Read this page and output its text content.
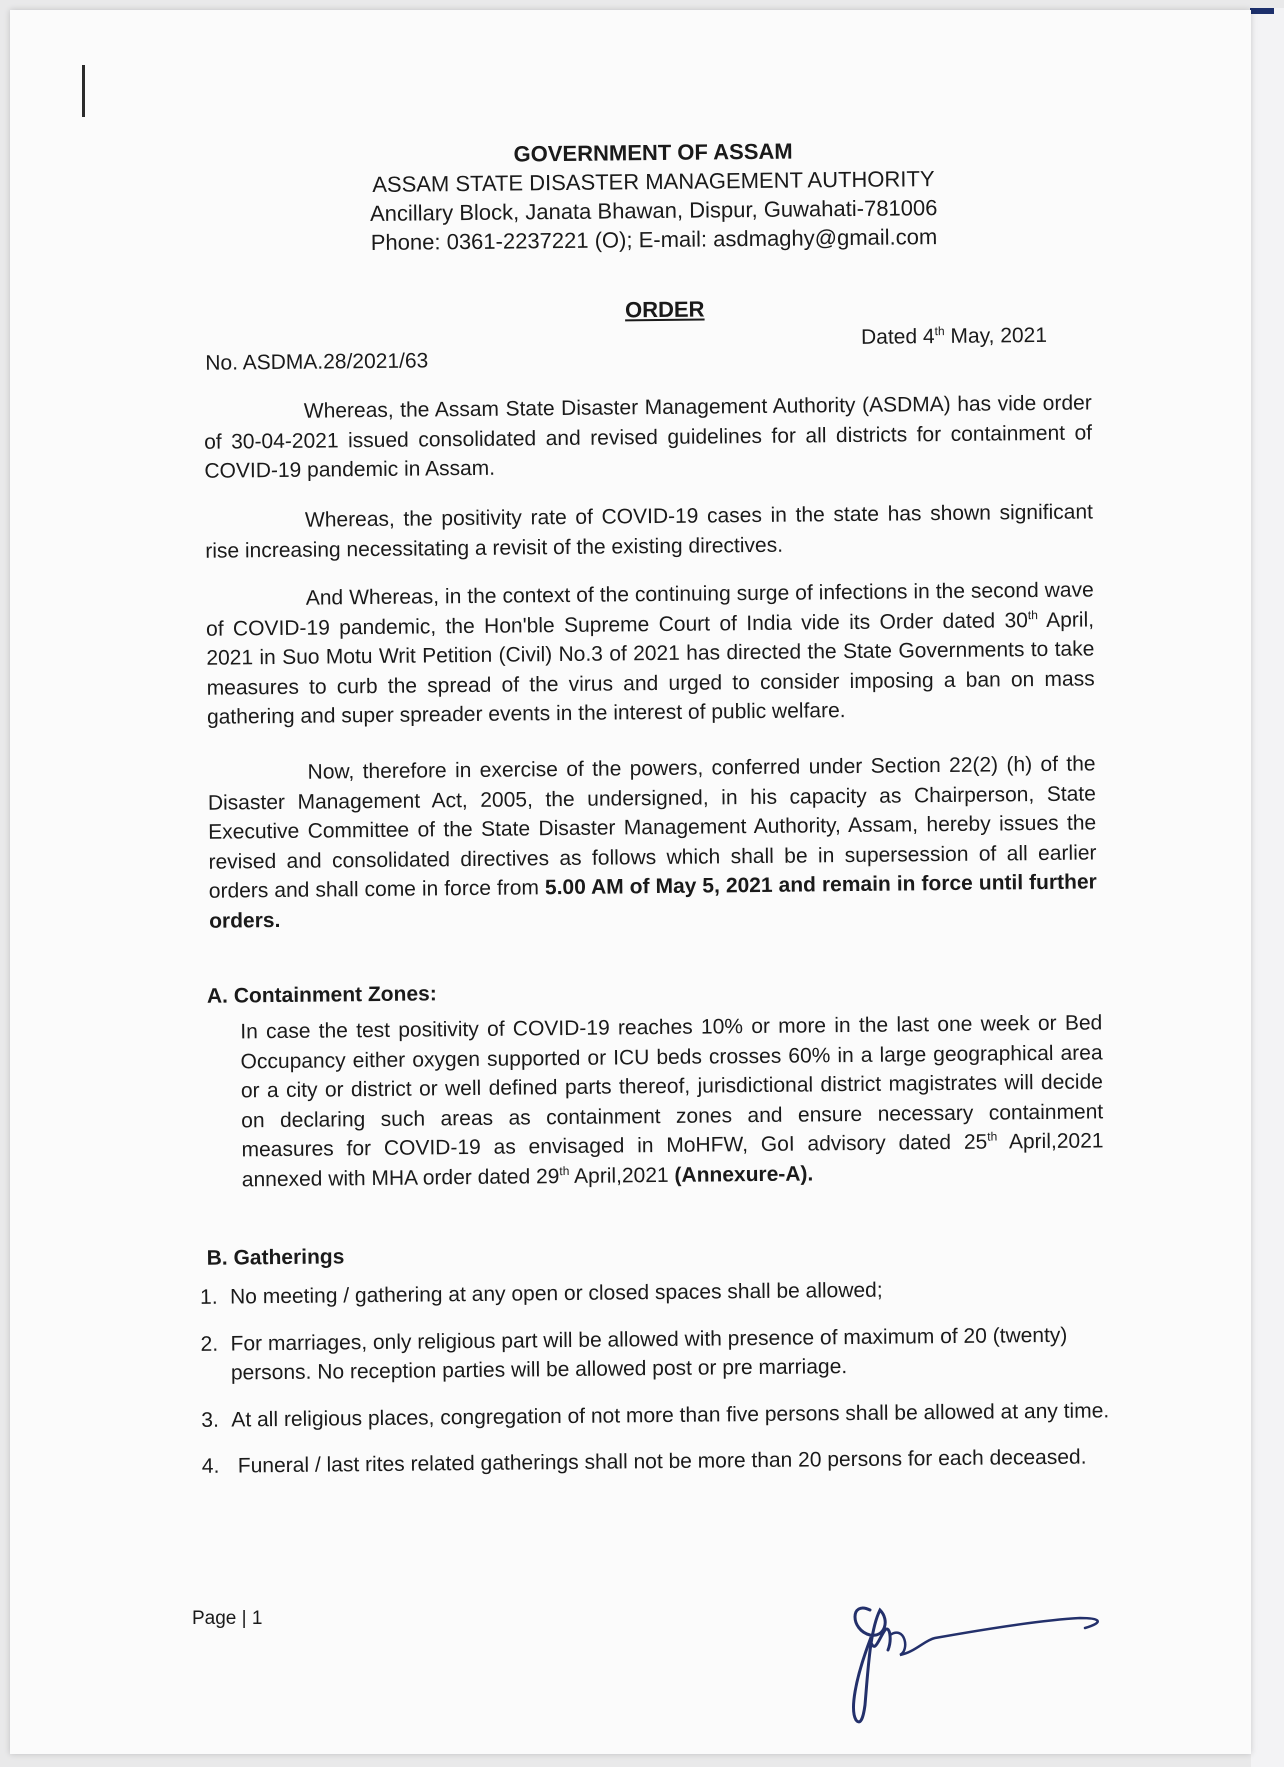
GOVERNMENT OF ASSAM
ASSAM STATE DISASTER MANAGEMENT AUTHORITY
Ancillary Block, Janata Bhawan, Dispur, Guwahati-781006
Phone: 0361-2237221 (O); E-mail: asdmaghy@gmail.com
ORDER
No. ASDMA.28/2021/63
Dated 4th May, 2021
Whereas, the Assam State Disaster Management Authority (ASDMA) has vide order of 30-04-2021 issued consolidated and revised guidelines for all districts for containment of COVID-19 pandemic in Assam.
Whereas, the positivity rate of COVID-19 cases in the state has shown significant rise increasing necessitating a revisit of the existing directives.
And Whereas, in the context of the continuing surge of infections in the second wave of COVID-19 pandemic, the Hon'ble Supreme Court of India vide its Order dated 30th April, 2021 in Suo Motu Writ Petition (Civil) No.3 of 2021 has directed the State Governments to take measures to curb the spread of the virus and urged to consider imposing a ban on mass gathering and super spreader events in the interest of public welfare.
Now, therefore in exercise of the powers, conferred under Section 22(2) (h) of the Disaster Management Act, 2005, the undersigned, in his capacity as Chairperson, State Executive Committee of the State Disaster Management Authority, Assam, hereby issues the revised and consolidated directives as follows which shall be in supersession of all earlier orders and shall come in force from 5.00 AM of May 5, 2021 and remain in force until further orders.
A. Containment Zones:
In case the test positivity of COVID-19 reaches 10% or more in the last one week or Bed Occupancy either oxygen supported or ICU beds crosses 60% in a large geographical area or a city or district or well defined parts thereof, jurisdictional district magistrates will decide on declaring such areas as containment zones and ensure necessary containment measures for COVID-19 as envisaged in MoHFW, GoI advisory dated 25th April,2021 annexed with MHA order dated 29th April,2021 (Annexure-A).
B. Gatherings
1. No meeting / gathering at any open or closed spaces shall be allowed;
2. For marriages, only religious part will be allowed with presence of maximum of 20 (twenty) persons. No reception parties will be allowed post or pre marriage.
3. At all religious places, congregation of not more than five persons shall be allowed at any time.
4. Funeral / last rites related gatherings shall not be more than 20 persons for each deceased.
Page | 1
